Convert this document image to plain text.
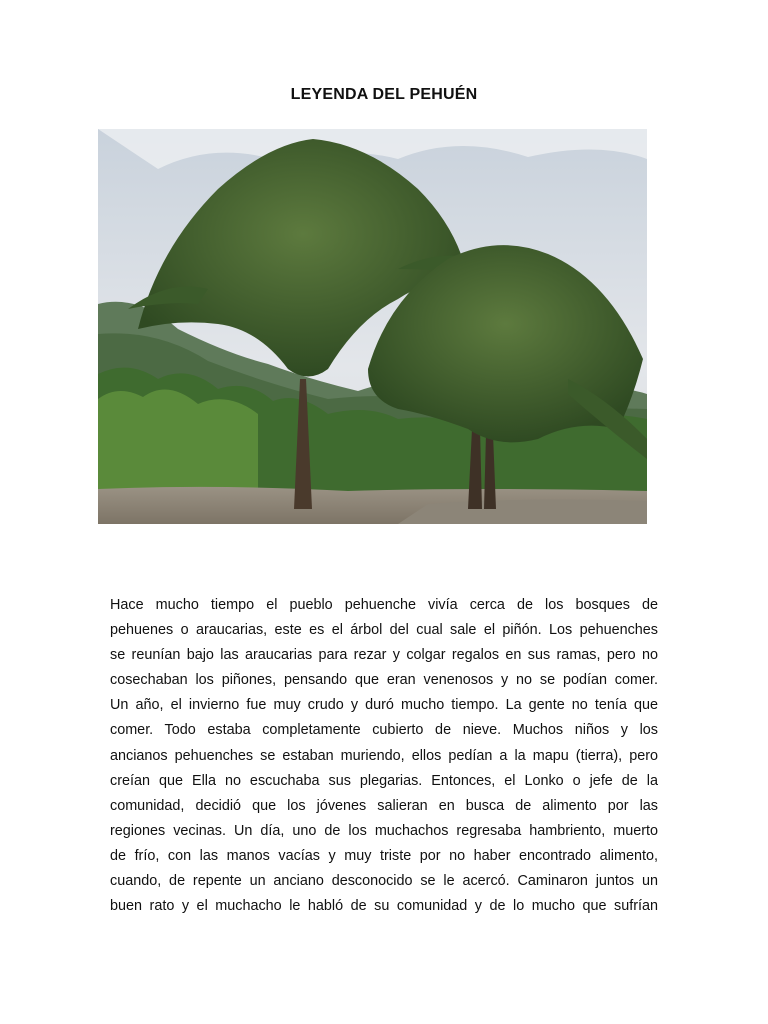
LEYENDA DEL PEHUÉN

Hace mucho tiempo el pueblo pehuenche vivía cerca de los bosques de
pehuenes o araucarias, este es el árbol del cual sale el piñón. Los pehuenches
se reunían bajo las araucarias para rezar y colgar regalos en sus ramas, pero no
cosechaban los piñones, pensando que eran venenosos y no se podían comer.
Un año, el invierno fue muy crudo y duró mucho tiempo. La gente no tenía que
comer. Todo estaba completamente cubierto de nieve. Muchos niños y los
ancianos pehuenches se estaban muriendo, ellos pedían a la mapu (tierra), pero
creían que Ella no escuchaba sus plegarias. Entonces, el Lonko o jefe de la
comunidad, decidió que los jóvenes salieran en busca de alimento por las
regiones vecinas. Un día, uno de los muchachos regresaba hambriento, muerto
de frío, con las manos vacías y muy triste por no haber encontrado alimento,
cuando, de repente un anciano desconocido se le acercó. Caminaron juntos un
buen rato y el muchacho le habló de su comunidad y de lo mucho que sufrían
